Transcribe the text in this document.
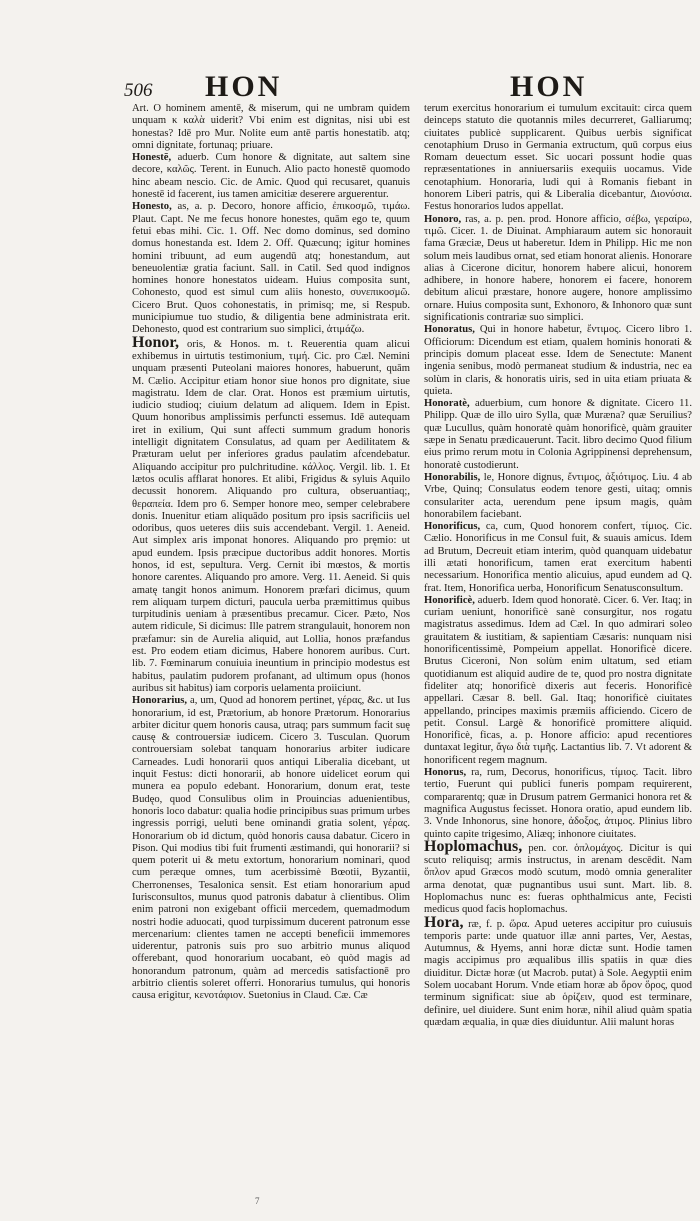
506 HON	HON
Art. O hominem amentē, & miserum, qui ne umbram quidem unquam κ καλὰ uiderit? Vbi enim est dignitas, nisi ubi est honestas? Idē pro Mur. Nolite eum antē partis honestatib. atq; omni dignitate, fortunaq; priuare.
Honestē, aduerb. Cum honore & dignitate, aut saltem sine decore, καλῶς. Terent. in Eunuch. Alio pacto honestē quomodo hinc abeam nescio. Cic. de Amic. Quod qui recusaret, quanuis honestē id facerent, ius tamen amicitiæ deserere arguerentur.
Honesto, as, a. p. Decoro, honore afficio, ἐπικοσμῶ, τιμάω. Plaut. Capt. Ne me fecus honore honestes, quām ego te, quum fetui ebas mihi. Cic. 1. Off. Nec domo dominus, sed domino domus honestanda est. Idem 2. Off. Quæcunq; igitur homines homini tribuunt, ad eum augendū atq; honestandum, aut beneuolentiæ gratia faciunt. Sall. in Catil. Sed quod indignos homines honore honestatos uideam. Huius composita sunt, Cohonesto, quod est simul cum aliis honesto, συνεπικοσμῶ. Cicero Brut. Quos cohonestatis, in primisq; me, si Respub. municipiumue tuo studio, & diligentia bene administrata erit. Dehonesto, quod est contrarium suo simplici, ἀτιμάζω.
Honor, oris, & Honos. m. t. Reuerentia quam alicui exhibemus in uirtutis testimonium, τιμή. Cic. pro Cæl. Nemini unquam præsenti Puteolani maiores honores, habuerunt, quām M. Cælio. Accipitur etiam honor siue honos pro dignitate, siue magistratu. Idem de clar. Orat. Honos est præmium uirtutis, iudicio studioq; ciuium delatum ad aliquem. Idem in Epist. Quum honoribus amplissimis perfuncti essemus. Idē autequam iret in exilium, Qui sunt affecti summum gradum honoris intelligit dignitatem Consulatus, ad quam per Aedilitatem & Præturam uelut per inferiores gradus paulatim afcendebatur. Aliquando accipitur pro pulchritudine. κάλλος. Vergil. lib. 1. Et lætos oculis afflarat honores. Et alibi, Frigidus & syluis Aquilo decussit honorem. Aliquando pro cultura, obseruantiaq;, θεραπεία. Idem pro 6. Semper honore meo, semper celebrabere donis. Inuenitur etiam aliquādo positum pro ipsis sacrificiis uel odoribus, quos ueteres diis suis accendebant. Vergil. 1. Aeneid. Aut simplex aris imponat honores. Aliquando pro pręmio: ut apud eundem. Ipsis præcipue ductoribus addit honores. Mortis honos, id est, sepultura. Verg. Cernit ibi mœstos, & mortis honore carentes. Aliquando pro amore. Verg. 11. Aeneid. Si quis amatę tangit honos animum. Honorem præfari dicimus, quum rem aliquam turpem dicturi, paucula uerba præmittimus quibus turpitudinis ueniam à præsentibus precamur. Cicer. Pæto, Nos autem ridicule, Si dicimus: Ille patrem strangulauit, honorem non præfamur: sin de Aurelia aliquid, aut Lollia, honos præfandus est. Pro eodem etiam dicimus, Habere honorem auribus. Curt. lib. 7. Fœminarum conuiuia ineuntium in principio modestus est habitus, paulatim pudorem profanant, ad ultimum opus (honos auribus sit habitus) iam corporis uelamenta proiiciunt.
Honorarius, a, um, Quod ad honorem pertinet, γέρας, &c. ut Ius honorarium, id est, Prætorium, ab honore Prætorum. Honorarius arbiter dicitur quem honoris causa, utraq; pars summum facit suę causę & controuersiæ iudicem. Cicero 3. Tusculan. Quorum controuersiam solebat tanquam honorarius arbiter iudicare Carneades. Ludi honorarii quos antiqui Liberalia dicebant, ut inquit Festus: dicti honorarii, ab honore uidelicet eorum qui munera ea populo edebant. Honorarium, donum erat, teste Budęo, quod Consulibus olim in Prouincias aduenientibus, honoris loco dabatur: qualia hodie principibus suas primum urbes ingressis porrigi, ueluti bene ominandi gratia solent, γέρας. Honorarium ob id dictum, quòd honoris causa dabatur. Cicero in Pison. Qui modius tibi fuit frumenti æstimandi, qui honorarii? si quem poterit ui & metu extortum, honorarium nominari, quod cum peræque omnes, tum acerbissimè Bœotii, Byzantii, Cherronenses, Tesalonica sensit. Est etiam honorarium apud Iurisconsultos, munus quod patronis dabatur à clientibus. Olim enim patroni non exigebant officii mercedem, quemadmodum nostri hodie aduocati, quod turpissimum ducerent patronum esse mercenarium: clientes tamen ne accepti beneficii immemores uiderentur, patronis suis pro suo arbitrio munus aliquod offerebant, quod honorarium uocabant, eò quòd magis ad honorandum patronum, quàm ad mercedis satisfactionē pro arbitrio clientis soleret offerri. Honorarius tumulus, qui honoris causa erigitur, κενοτάφιον. Suetonius in Claud. Cæ. Cæ
terum exercitus honorarium ei tumulum excitauit: circa quem deinceps statuto die quotannis miles decurreret, Galliarumq; ciuitates publicè supplicarent. Quibus uerbis significat cenotaphium Druso in Germania extructum, quū corpus eius Romam deuectum esset. Sic uocari possunt hodie quas repræsentationes in anniuersariis exequiis uocamus. Vide cenotaphium. Honoraria, ludi qui à Romanis fiebant in honorem Liberi patris, qui & Liberalia dicebantur, Διονύσια. Festus honorarios ludos appellat.
Honoro, ras, a. p. pen. prod. Honore afficio, σέβω, γεραίρω, τιμῶ. Cicer. 1. de Diuinat. Amphiaraum autem sic honorauit fama Græciæ, Deus ut haberetur. Idem in Philipp. Hic me non solum meis laudibus ornat, sed etiam honorat alienis. Honorare alias à Cicerone dicitur, honorem habere alicui, honorem adhibere, in honore habere, honorem ei facere, honorem debitum alicui præstare, honore augere, honore amplissimo ornare. Huius composita sunt, Exhonoro, & Inhonoro quæ sunt significationis contrariæ suo simplici.
Honoratus, Qui in honore habetur, ἔντιμος. Cicero libro 1. Officiorum: Dicendum est etiam, qualem hominis honorati & principis domum placeat esse. Idem de Senectute: Manent ingenia senibus, modò permaneat studium & industria, nec ea solùm in claris, & honoratis uiris, sed in uita etiam priuata & quieta.
Honoratè, aduerbium, cum honore & dignitate. Cicero 11. Philipp. Quæ de illo uiro Sylla, quæ Muræna? quæ Seruilius? quæ Lucullus, quàm honoratè quàm honorificè, quàm grauiter sæpe in Senatu prædicauerunt. Tacit. libro decimo Quod filium eius primo rerum motu in Colonia Agrippinensi deprehensum, honoratè custodierunt.
Honorabilis, le, Honore dignus, ἔντιμος, ἀξιότιμος. Liu. 4 ab Vrbe, Quinq; Consulatus eodem tenore gesti, uitaq; omnis consulariter acta, uerendum pene ipsum magis, quàm honorabilem faciebant.
Honorificus, ca, cum, Quod honorem confert, τίμιος. Cic. Cælio. Honorificus in me Consul fuit, & suauis amicus. Idem ad Brutum, Decreuit etiam interim, quòd quanquam uidebatur illi ætati honorificum, tamen erat exercitum habenti necessarium. Honorifica mentio alicuius, apud eundem ad Q. frat. Item, Honorifica uerba, Honorificum Senatusconsultum.
Honorificè, aduerb. Idem quod honoratè. Cicer. 6. Ver. Itaq; in curiam ueniunt, honorificè sanè consurgitur, nos rogatu magistratus assedimus. Idem ad Cæl. In quo admirari soleo grauitatem & iustitiam, & sapientiam Cæsaris: nunquam nisi honorificentissimè, Pompeium appellat. Honorificè dicere. Brutus Ciceroni, Non solùm enim ultatum, sed etiam quotidianum est aliquid audire de te, quod pro nostra dignitate fideliter atq; honorificè dixeris aut feceris. Honorificè appellari. Cæsar 8. bell. Gal. Itaq; honorificè ciuitates appellando, principes maximis præmiis afficiendo. Cicero de petit. Consul. Largè & honorificè promittere aliquid. Honorificè, ficas, a. p. Honore afficio: apud recentiores duntaxat legitur, ἄγω διὰ τιμῆς. Lactantius lib. 7. Vt adorent & honorificent regem magnum.
Honorus, ra, rum, Decorus, honorificus, τίμιος. Tacit. libro tertio, Fuerunt qui publici funeris pompam requirerent, compararentq; quæ in Drusum patrem Germanici honora ret & magnifica Augustus fecisset. Honora oratio, apud eundem lib. 3. Vnde Inhonorus, sine honore, ἀδοξος, ἀτιμος. Plinius libro quinto capite trigesimo, Aliæq; inhonore ciuitates.
Hoplomachus, pen. cor. ὁπλομάχος. Dicitur is qui scuto reliquisq; armis instructus, in arenam descēdit. Nam ὅπλον apud Græcos modò scutum, modò omnia generaliter arma denotat, quæ pugnantibus usui sunt. Mart. lib. 8. Hoplomachus nunc es: fueras ophthalmicus ante, Fecisti medicus quod facis hoplomachus.
Hora, ræ, f. p. ὥρα. Apud ueteres accipitur pro cuiusuis temporis parte: unde quatuor illæ anni partes, Ver, Aestas, Autumnus, & Hyems, anni horæ dictæ sunt. Hodie tamen magis accipimus pro æqualibus illis spatiis in quæ dies diuiditur. Dictæ horæ (ut Macrob. putat) à Sole. Aegyptii enim Solem uocabant Horum. Vnde etiam horæ ab ὅρον ὅρος, quod terminum significat: siue ab ὁρίζειν, quod est terminare, definire, uel diuidere. Sunt enim horæ, nihil aliud quàm spatia quædam æqualia, in quæ dies diuiduntur. Alii malunt horas
7
